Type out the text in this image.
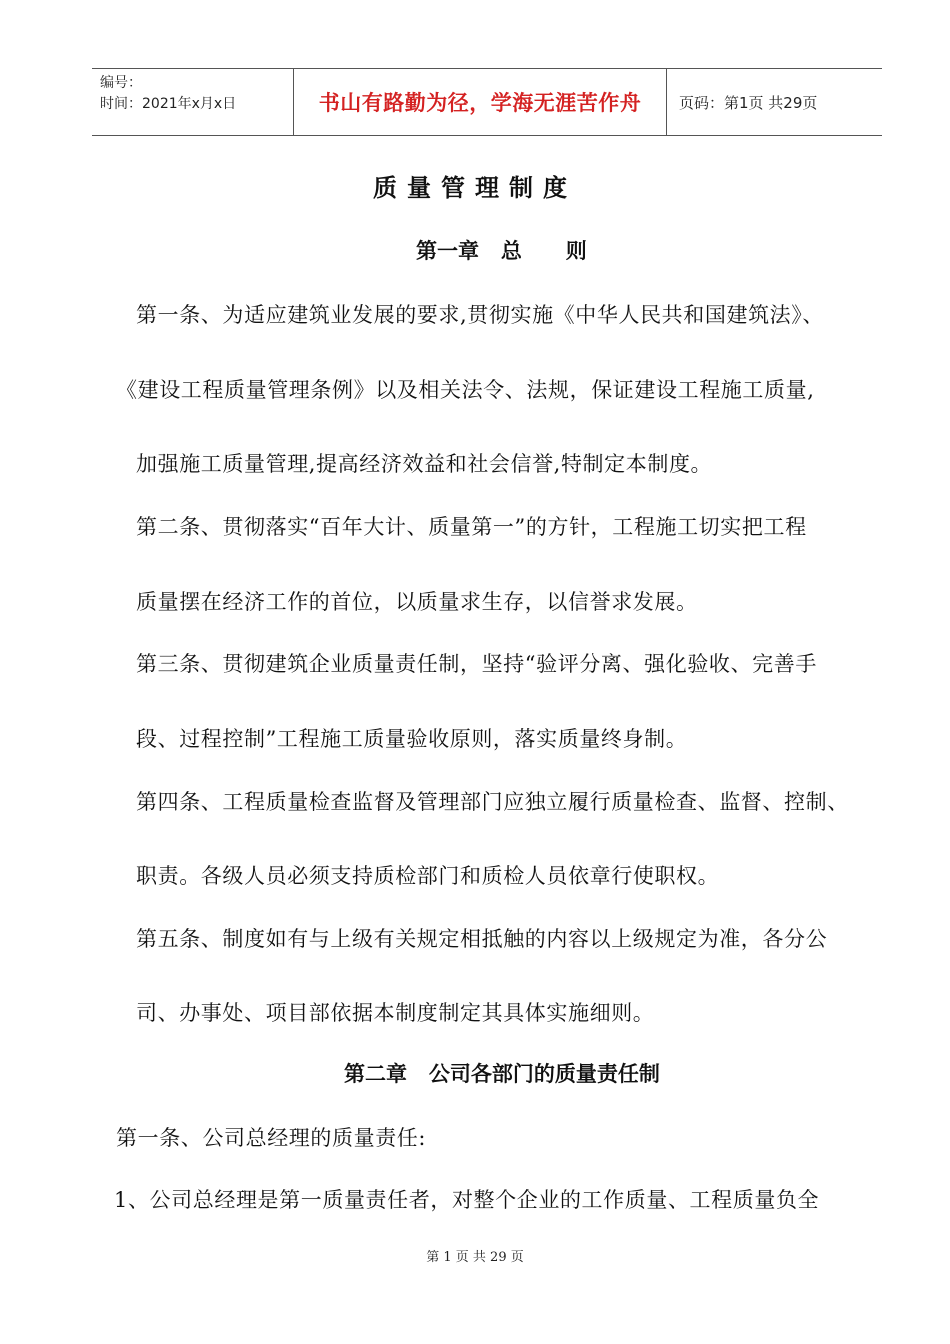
编号：
时间：2021年x月x日	书山有路勤为径，学海无涯苦作舟	页码：第1页 共29页
质量管理制度
第一章   总      则
第一条、为适应建筑业发展的要求,贯彻实施《中华人民共和国建筑法》、
《建设工程质量管理条例》以及相关法令、法规，保证建设工程施工质量,
加强施工质量管理,提高经济效益和社会信誉,特制定本制度。
第二条、贯彻落实“百年大计、质量第一”的方针，工程施工切实把工程
质量摆在经济工作的首位，以质量求生存，以信誉求发展。
第三条、贯彻建筑企业质量责任制，坚持“验评分离、强化验收、完善手
段、过程控制”工程施工质量验收原则，落实质量终身制。
第四条、工程质量检查监督及管理部门应独立履行质量检查、监督、控制、
职责。各级人员必须支持质检部门和质检人员依章行使职权。
第五条、制度如有与上级有关规定相抵触的内容以上级规定为准，各分公
司、办事处、项目部依据本制度制定其具体实施细则。
第二章   公司各部门的质量责任制
第一条、公司总经理的质量责任:
1、公司总经理是第一质量责任者，对整个企业的工作质量、工程质量负全
第 1 页 共 29 页
